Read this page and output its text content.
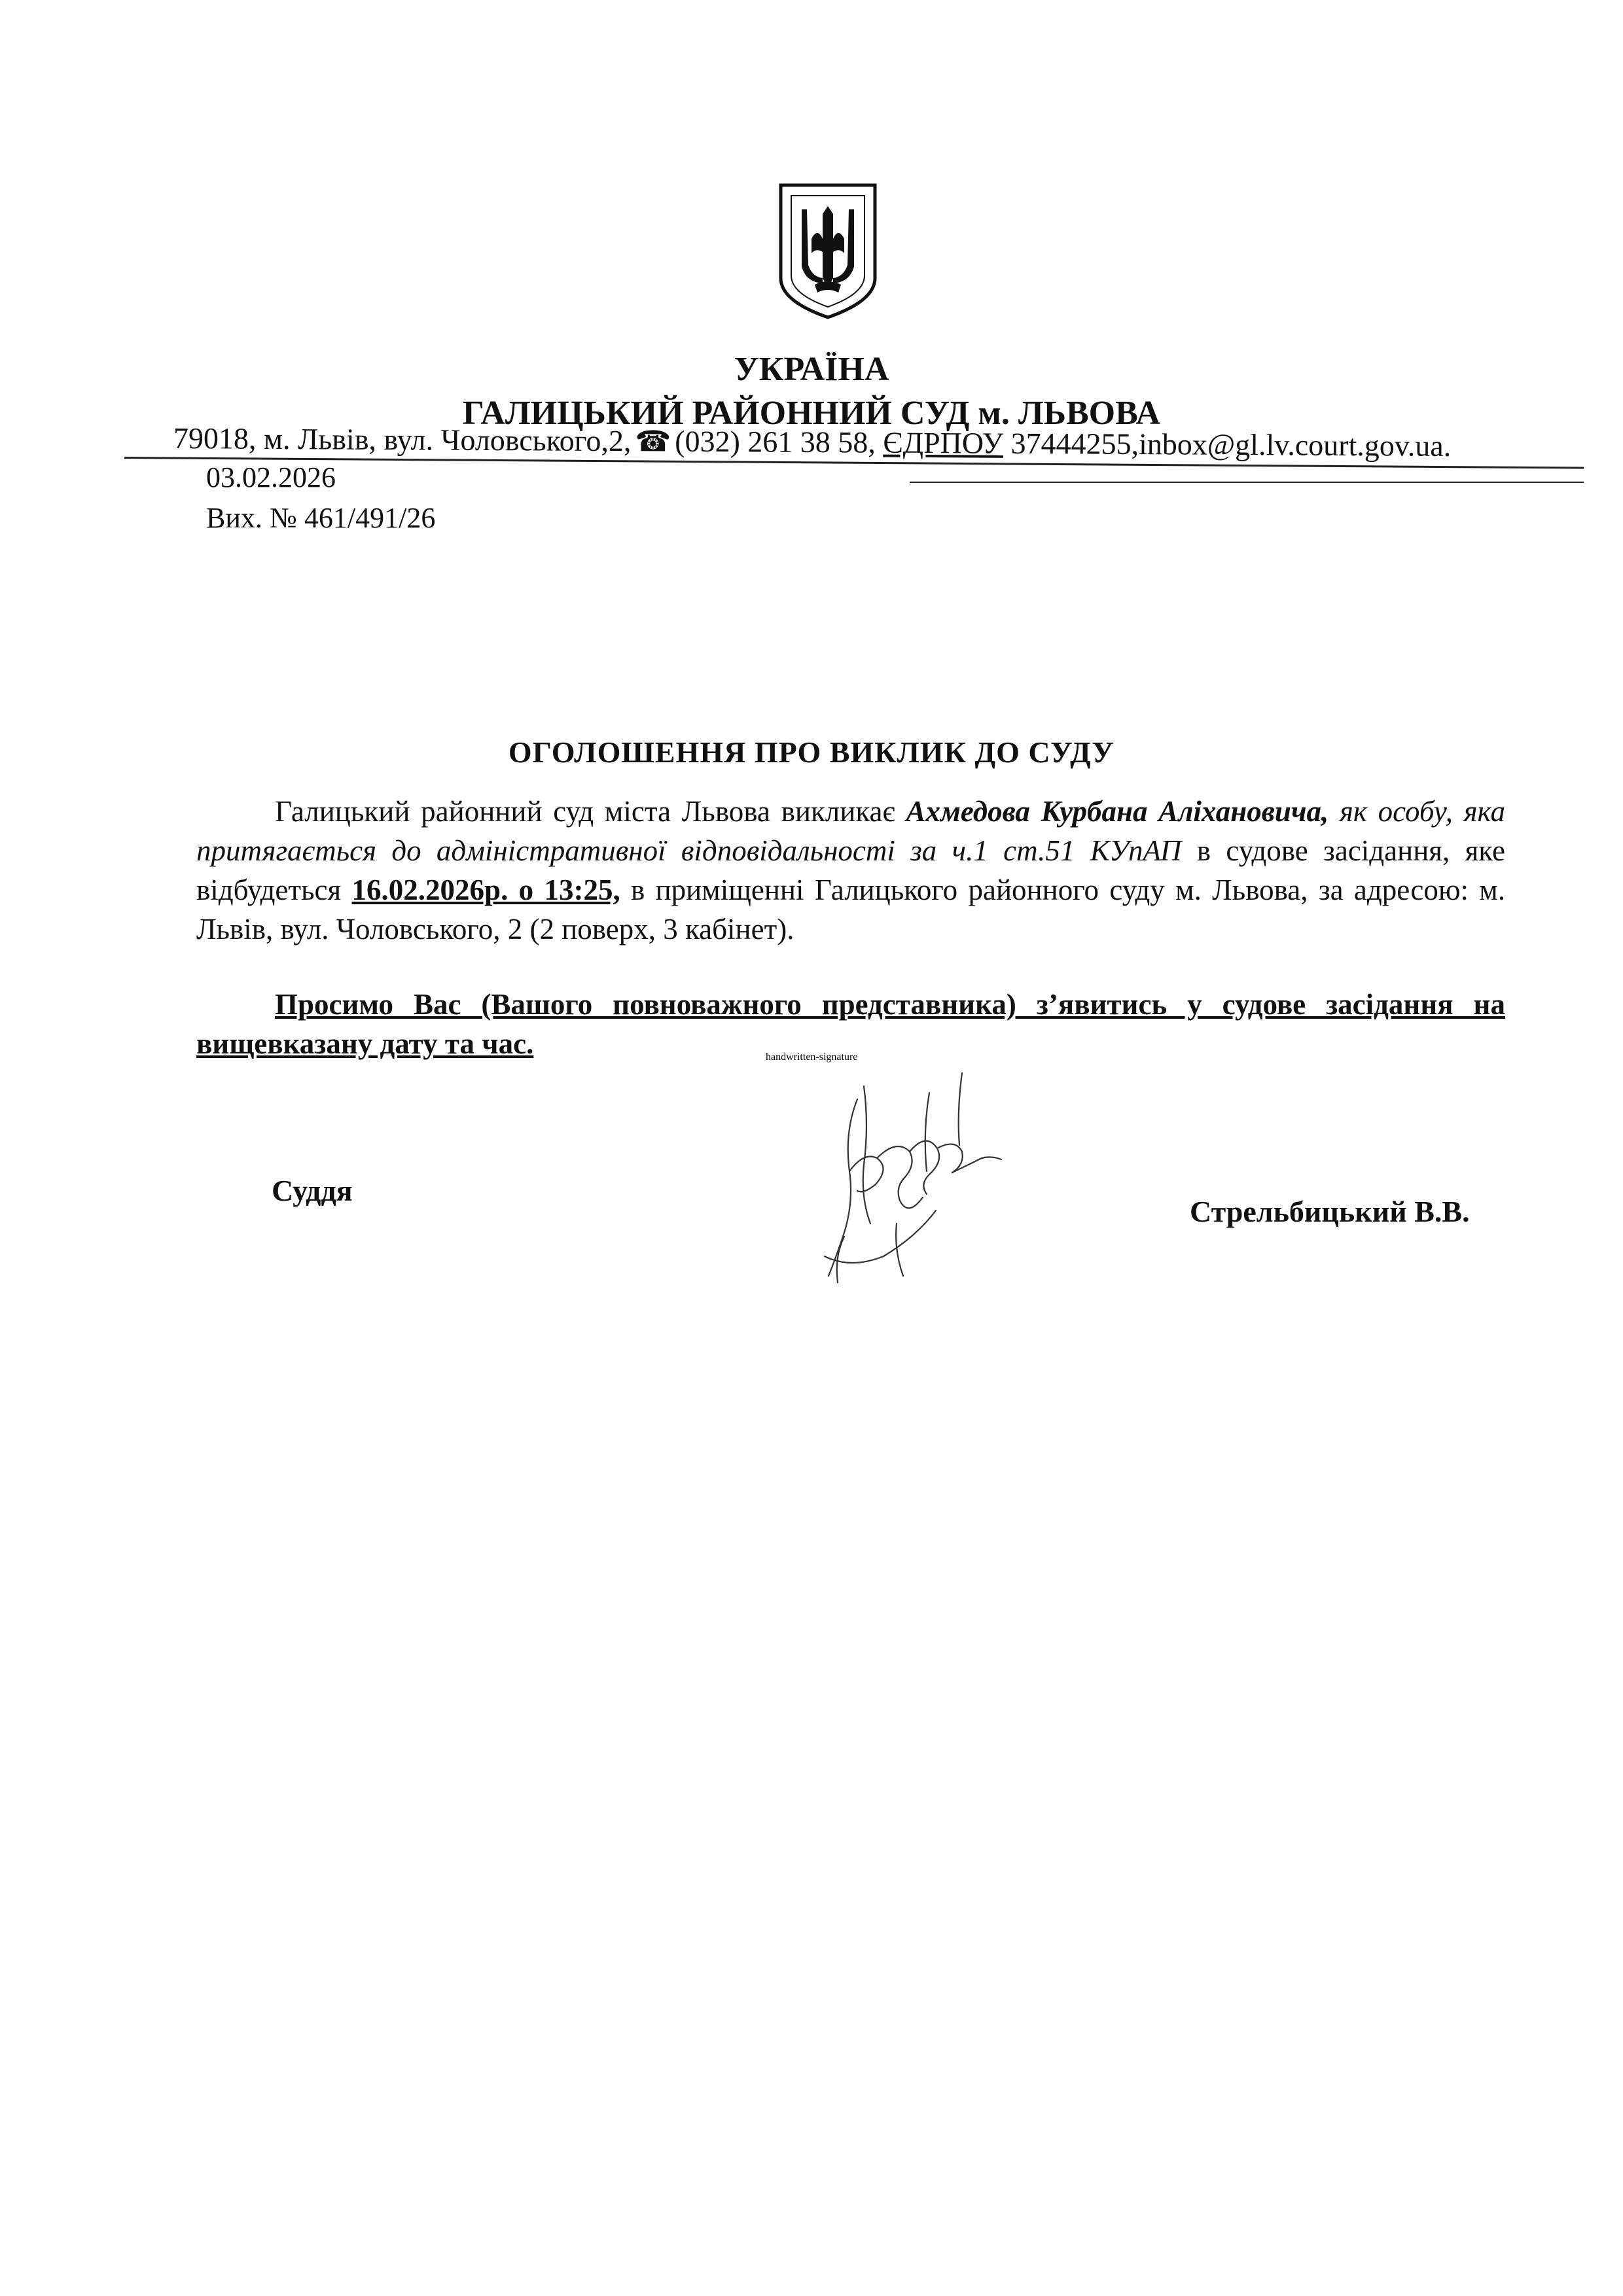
УКРАЇНА
ГАЛИЦЬКИЙ РАЙОННИЙ СУД м. ЛЬВОВА
79018, м. Львів, вул. Чоловського,2, ☎ (032) 261 38 58, ЄДРПОУ 37444255,inbox@gl.lv.court.gov.ua.
03.02.2026
Вих. № 461/491/26
ОГОЛОШЕННЯ ПРО ВИКЛИК ДО СУДУ
Галицький районний суд міста Львова викликає Ахмедова Курбана Аліхановича, як особу, яка притягається до адміністративної відповідальності за ч.1 ст.51 КУпАП в судове засідання, яке відбудеться 16.02.2026р. о 13:25, в приміщенні Галицького районного суду м. Львова, за адресою: м. Львів, вул. Чоловського, 2 (2 поверх, 3 кабінет).
Просимо Вас (Вашого повноважного представника) з’явитись у судове засідання на вищевказану дату та час.
Суддя
handwritten-signature
Стрельбицький В.В.
